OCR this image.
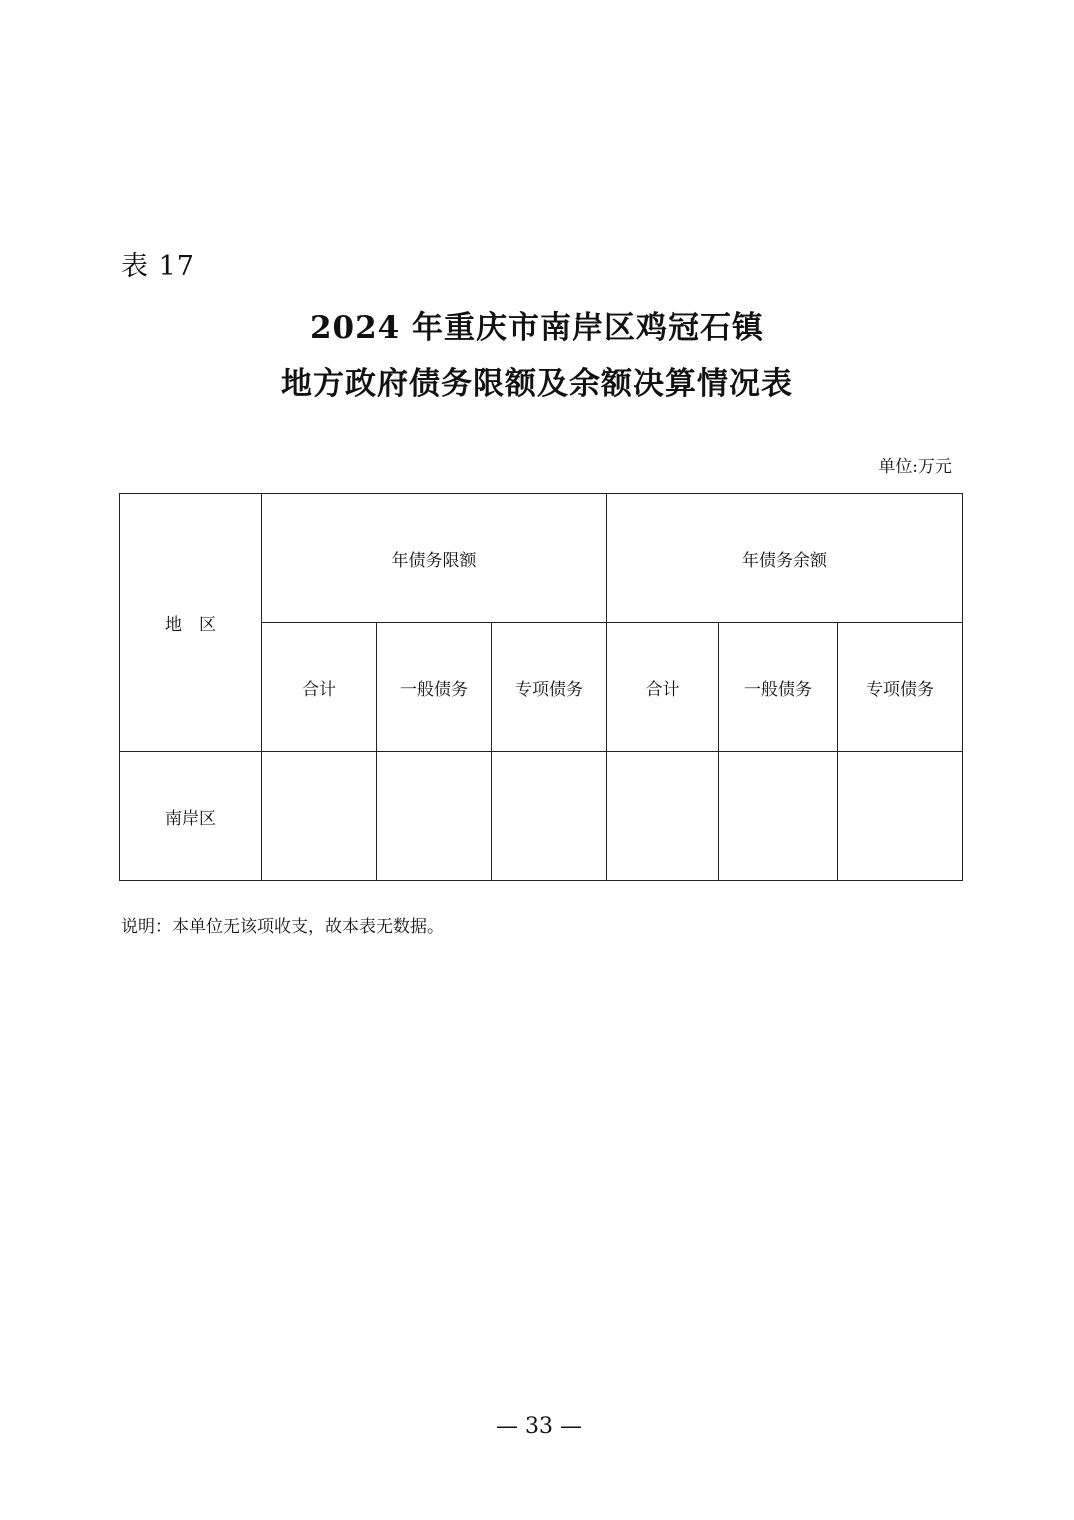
表 17
2024 年重庆市南岸区鸡冠石镇
地方政府债务限额及余额决算情况表
单位:万元
地　区	年债务限额			年债务余额		
	合计	一般债务	专项债务	合计	一般债务	专项债务
南岸区						
说明：本单位无该项收支，故本表无数据。
— 33 —
